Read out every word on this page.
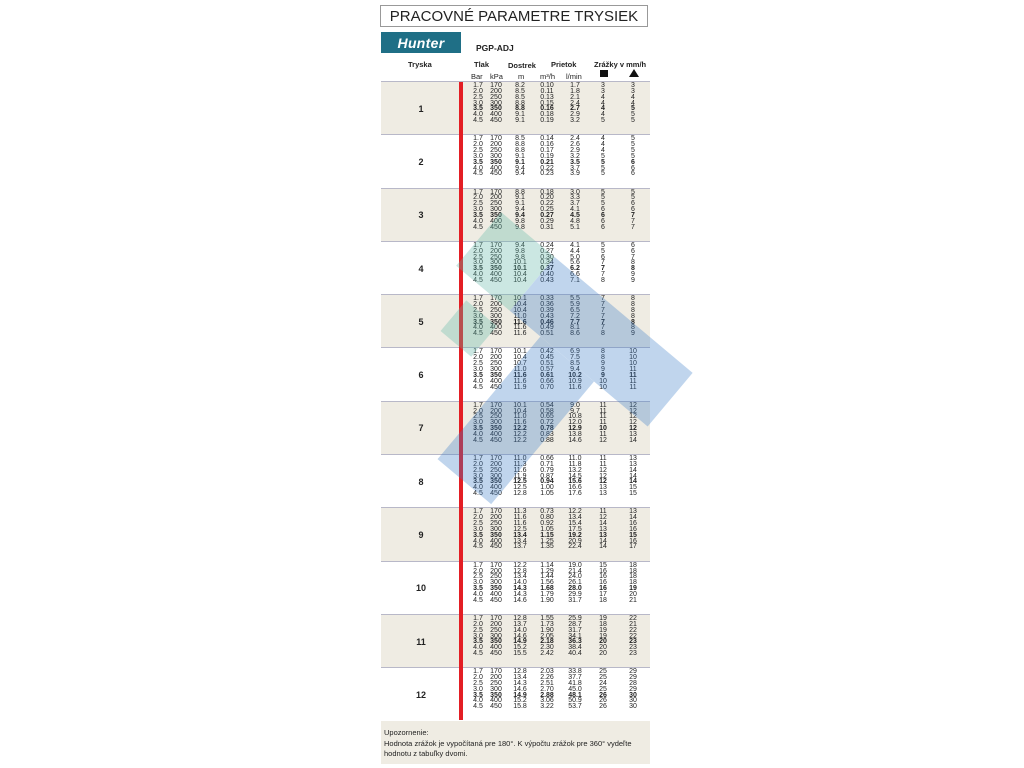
PRACOVNÉ PARAMETRE TRYSIEK
Hunter	PGP-ADJ
Tryska	Tlak	Dostrek Prietok Zrážky v mm/h
Bar kPa m m³/h l/min
1
1.7	170	8.2	0.10	1.7	3	3
2.0	200	8.5	0.11	1.8	3	3
2.5	250	8.5	0.13	2.1	4	4
3.0	300	8.8	0.15	2.4	4	4
3.5	350	8.8	0.16	2.7	4	5
4.0	400	9.1	0.18	2.9	4	5
4.5	450	9.1	0.19	3.2	5	5
2
1.7	170	8.5	0.14	2.4	4	5
2.0	200	8.8	0.16	2.6	4	5
2.5	250	8.8	0.17	2.9	4	5
3.0	300	9.1	0.19	3.2	5	5
3.5	350	9.1	0.21	3.5	5	6
4.0	400	9.4	0.22	3.7	5	6
4.5	450	9.4	0.23	3.9	5	6
3
1.7	170	8.8	0.18	3.0	5	5
2.0	200	9.1	0.20	3.3	5	5
2.5	250	9.1	0.22	3.7	5	6
3.0	300	9.4	0.25	4.1	6	6
3.5	350	9.4	0.27	4.5	6	7
4.0	400	9.8	0.29	4.8	6	7
4.5	450	9.8	0.31	5.1	6	7
4
1.7	170	9.4	0.24	4.1	5	6
2.0	200	9.8	0.27	4.4	5	6
2.5	250	9.8	0.30	5.0	6	7
3.0	300	10.1	0.34	5.6	7	8
3.5	350	10.1	0.37	6.2	7	8
4.0	400	10.4	0.40	6.6	7	9
4.5	450	10.4	0.43	7.1	8	9
5
1.7	170	10.1	0.33	5.5	7	8
2.0	200	10.4	0.36	5.9	7	8
2.5	250	10.4	0.39	6.5	7	8
3.0	300	11.0	0.43	7.2	7	8
3.5	350	11.6	0.46	7.7	7	8
4.0	400	11.6	0.49	8.1	7	8
4.5	450	11.6	0.51	8.6	8	9
6
1.7	170	10.1	0.42	6.9	8	10
2.0	200	10.4	0.45	7.5	8	10
2.5	250	10.7	0.51	8.5	9	10
3.0	300	11.0	0.57	9.4	9	11
3.5	350	11.6	0.61	10.2	9	11
4.0	400	11.6	0.66	10.9	10	11
4.5	450	11.9	0.70	11.6	10	11
7
1.7	170	10.1	0.54	9.0	11	12
2.0	200	10.4	0.58	9.7	11	12
2.5	250	11.0	0.65	10.8	11	12
3.0	300	11.6	0.72	12.0	11	12
3.5	350	12.2	0.78	12.9	10	12
4.0	400	12.2	0.83	13.8	11	13
4.5	450	12.2	0.88	14.6	12	14
8
1.7	170	11.0	0.66	11.0	11	13
2.0	200	11.3	0.71	11.8	11	13
2.5	250	11.6	0.79	13.2	12	14
3.0	300	11.9	0.87	14.5	12	14
3.5	350	12.5	0.94	15.6	12	14
4.0	400	12.5	1.00	16.6	13	15
4.5	450	12.8	1.05	17.6	13	15
9
1.7	170	11.3	0.73	12.2	11	13
2.0	200	11.6	0.80	13.4	12	14
2.5	250	11.6	0.92	15.4	14	16
3.0	300	12.5	1.05	17.5	13	16
3.5	350	13.4	1.15	19.2	13	15
4.0	400	13.4	1.25	20.9	14	16
4.5	450	13.7	1.35	22.4	14	17
10
1.7	170	12.2	1.14	19.0	15	18
2.0	200	12.8	1.29	21.4	16	18
2.5	250	13.4	1.44	24.0	16	18
3.0	300	14.0	1.56	26.1	16	18
3.5	350	14.3	1.68	28.0	16	19
4.0	400	14.3	1.79	29.9	17	20
4.5	450	14.6	1.90	31.7	18	21
11
1.7	170	12.8	1.55	25.9	19	22
2.0	200	13.7	1.73	28.7	18	21
2.5	250	14.0	1.90	31.7	19	22
3.0	300	14.6	2.05	34.1	19	22
3.5	350	14.9	2.18	36.3	20	23
4.0	400	15.2	2.30	38.4	20	23
4.5	450	15.5	2.42	40.4	20	23
12
1.7	170	12.8	2.03	33.8	25	29
2.0	200	13.4	2.26	37.7	25	29
2.5	250	14.3	2.51	41.8	24	28
3.0	300	14.6	2.70	45.0	25	29
3.5	350	14.9	2.88	48.1	26	30
4.0	400	15.2	3.06	50.9	26	30
4.5	450	15.8	3.22	53.7	26	30
Upozornenie:
Hodnota zrážok je vypočítaná pre 180°. K výpočtu zrážok pre 360° vydeľte
hodnotu z tabuľky dvomi.
